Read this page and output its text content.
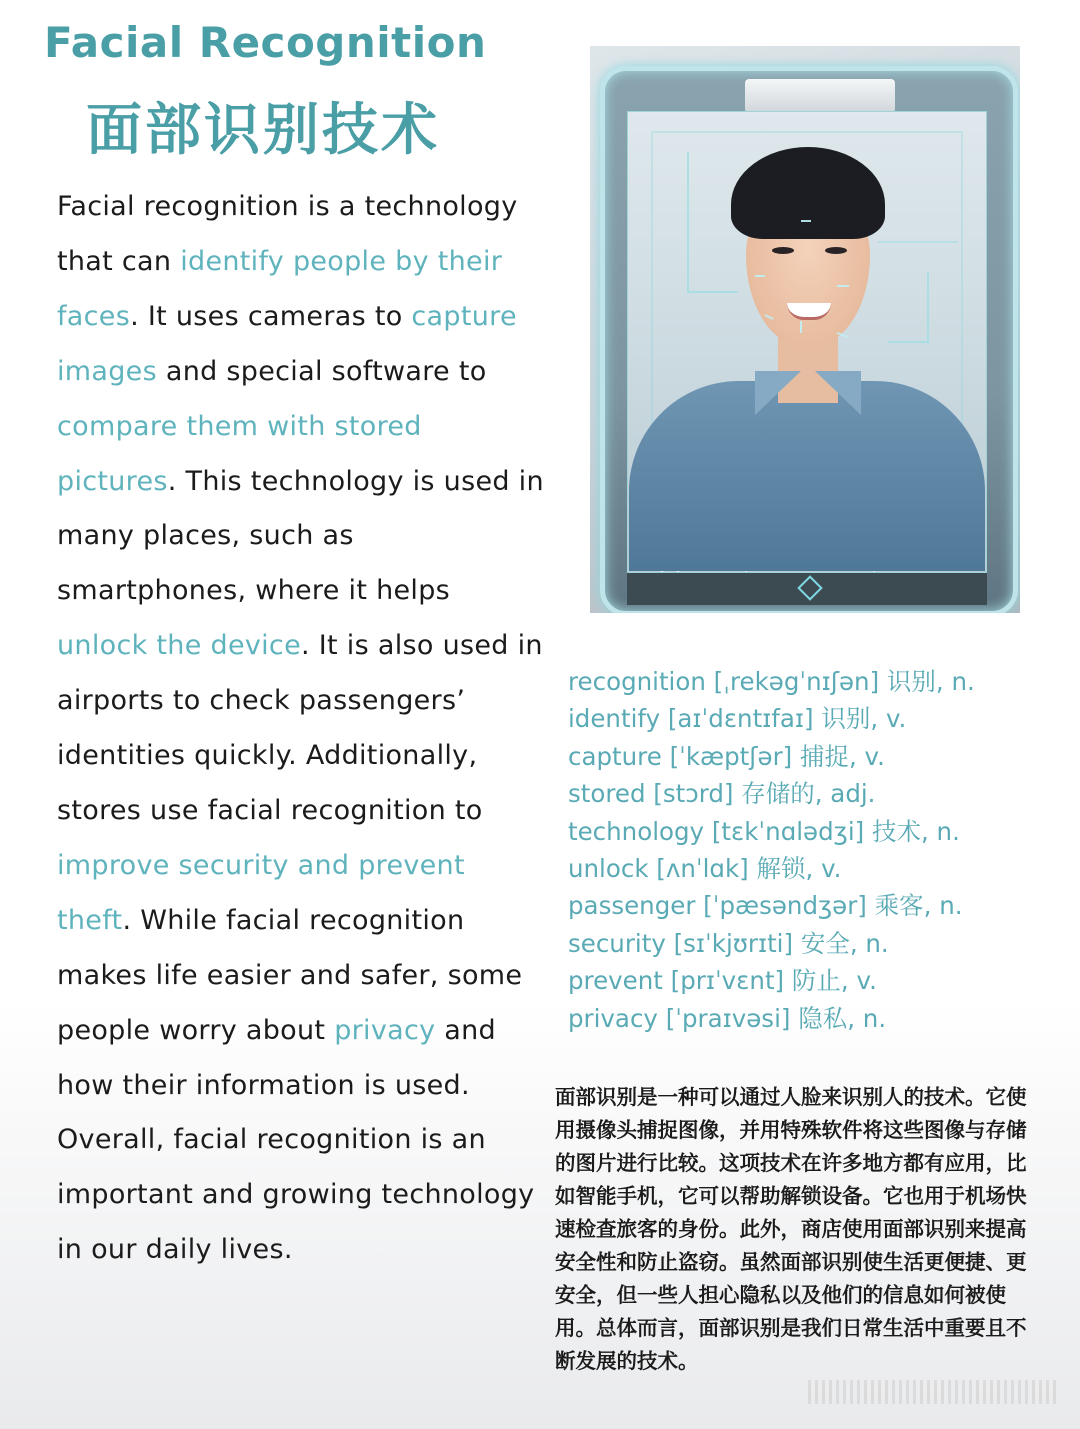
Facial Recognition
面部识别技术

Facial recognition is a technology that can identify people by their faces. It uses cameras to capture images and special software to compare them with stored pictures. This technology is used in many places, such as smartphones, where it helps unlock the device. It is also used in airports to check passengers’ identities quickly. Additionally, stores use facial recognition to improve security and prevent theft. While facial recognition makes life easier and safer, some people worry about privacy and how their information is used. Overall, facial recognition is an important and growing technology in our daily lives.

recognition [ˌrekəgˈnɪʃən] 识别, n.
identify [aɪˈdɛntɪfaɪ] 识别, v.
capture [ˈkæptʃər] 捕捉, v.
stored [stɔrd] 存储的, adj.
technology [tɛkˈnɑlədʒi] 技术, n.
unlock [ʌnˈlɑk] 解锁, v.
passenger [ˈpæsəndʒər] 乘客, n.
security [sɪˈkjʊrɪti] 安全, n.
prevent [prɪˈvɛnt] 防止, v.
privacy [ˈpraɪvəsi] 隐私, n.

面部识别是一种可以通过人脸来识别人的技术。它使用摄像头捕捉图像，并用特殊软件将这些图像与存储的图片进行比较。这项技术在许多地方都有应用，比如智能手机，它可以帮助解锁设备。它也用于机场快速检查旅客的身份。此外，商店使用面部识别来提高安全性和防止盗窃。虽然面部识别使生活更便捷、更安全，但一些人担心隐私以及他们的信息如何被使用。总体而言，面部识别是我们日常生活中重要且不断发展的技术。
